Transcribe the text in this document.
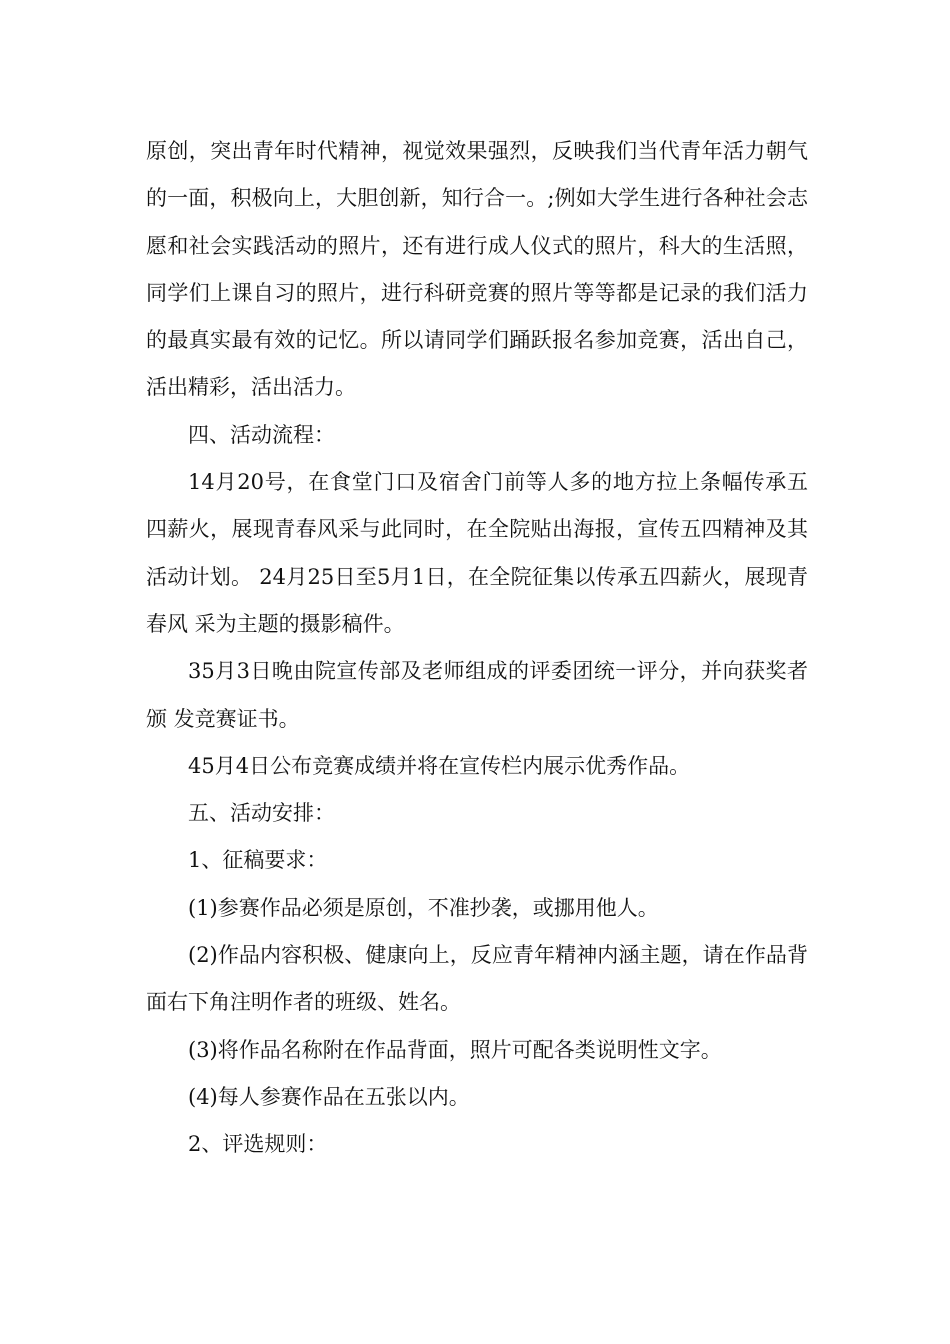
原创，突出青年时代精神，视觉效果强烈，反映我们当代青年活力朝气的一面，积极向上，大胆创新，知行合一。;例如大学生进行各种社会志愿和社会实践活动的照片，还有进行成人仪式的照片，科大的生活照，同学们上课自习的照片，进行科研竞赛的照片等等都是记录的我们活力的最真实最有效的记忆。所以请同学们踊跃报名参加竞赛，活出自己，活出精彩，活出活力。

四、活动流程：

14月20号，在食堂门口及宿舍门前等人多的地方拉上条幅传承五四薪火，展现青春风采与此同时，在全院贴出海报，宣传五四精神及其活动计划。 24月25日至5月1日，在全院征集以传承五四薪火，展现青春风 采为主题的摄影稿件。

35月3日晚由院宣传部及老师组成的评委团统一评分，并向获奖者颁 发竞赛证书。

45月4日公布竞赛成绩并将在宣传栏内展示优秀作品。

五、活动安排：

1、征稿要求：

(1)参赛作品必须是原创，不准抄袭，或挪用他人。

(2)作品内容积极、健康向上，反应青年精神内涵主题，请在作品背面右下角注明作者的班级、姓名。

(3)将作品名称附在作品背面，照片可配各类说明性文字。

(4)每人参赛作品在五张以内。

2、评选规则：
